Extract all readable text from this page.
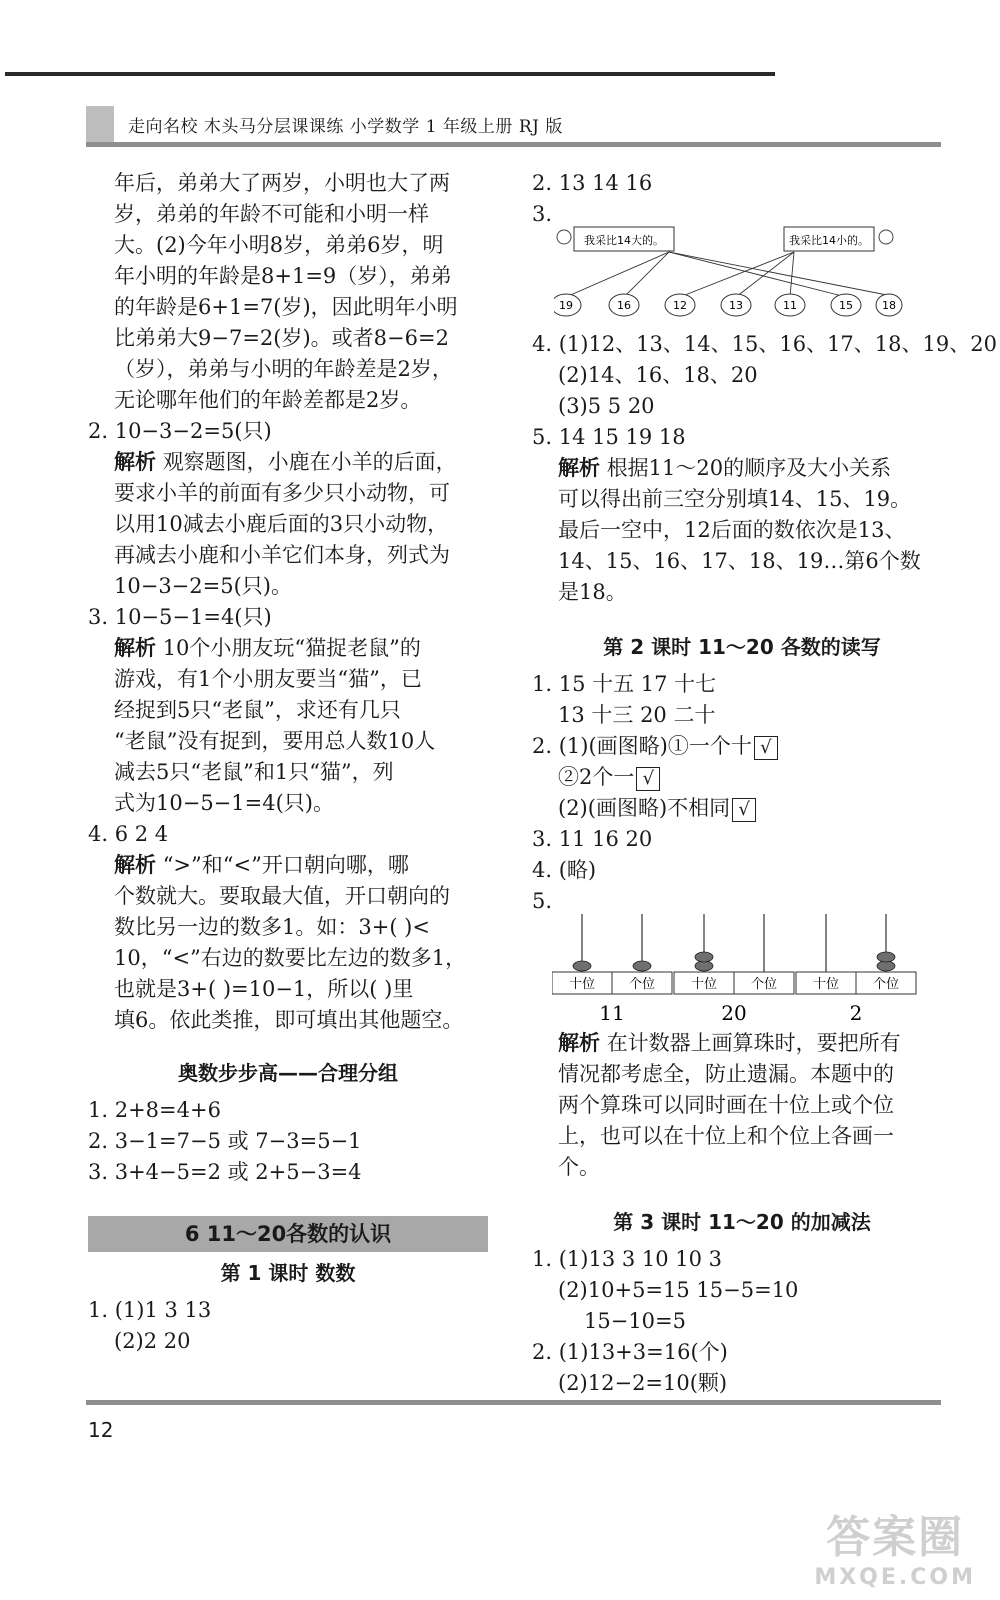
走向名校 木头马分层课课练 小学数学 1 年级上册 RJ 版
年后，弟弟大了两岁，小明也大了两
岁，弟弟的年龄不可能和小明一样
大。(2)今年小明8岁，弟弟6岁，明
年小明的年龄是8+1=9（岁），弟弟
的年龄是6+1=7(岁)，因此明年小明
比弟弟大9−7=2(岁)。或者8−6=2
（岁），弟弟与小明的年龄差是2岁，
无论哪年他们的年龄差都是2岁。
2. 10−3−2=5(只)
解析 观察题图，小鹿在小羊的后面，
要求小羊的前面有多少只小动物，可
以用10减去小鹿后面的3只小动物，
再减去小鹿和小羊它们本身，列式为
10−3−2=5(只)。
3. 10−5−1=4(只)
解析 10个小朋友玩“猫捉老鼠”的
游戏，有1个小朋友要当“猫”，已
经捉到5只“老鼠”，求还有几只
“老鼠”没有捉到，要用总人数10人
减去5只“老鼠”和1只“猫”，列
式为10−5−1=4(只)。
4. 6 2 4
解析 “>”和“<”开口朝向哪，哪
个数就大。要取最大值，开口朝向的
数比另一边的数多1。如：3+( )<
10，“<”右边的数要比左边的数多1，
也就是3+( )=10−1，所以( )里
填6。依此类推，即可填出其他题空。
奥数步步高——合理分组
1. 2+8=4+6
2. 3−1=7−5 或 7−3=5−1
3. 3+4−5=2 或 2+5−3=4
6 11～20各数的认识
第 1 课时 数数
1. (1)1 3 13
(2)2 20
2. 13 14 16
3.
我采比14大的。	我采比14小的。
19	16	12	13	11	15	18
4. (1)12、13、14、15、16、17、18、19、20
(2)14、16、18、20
(3)5 5 20
5. 14 15 19 18
解析 根据11～20的顺序及大小关系
可以得出前三空分别填14、15、19。
最后一空中，12后面的数依次是13、
14、15、16、17、18、19…第6个数
是18。
第 2 课时 11～20 各数的读写
1. 15 十五 17 十七
13 十三 20 二十
2. (1)(画图略)①一个十 √
②2个一 √
(2)(画图略)不相同 √
3. 11 16 20
4. (略)
5.
十位	个位
11
十位	个位
20
十位	个位
2
解析 在计数器上画算珠时，要把所有
情况都考虑全，防止遗漏。本题中的
两个算珠可以同时画在十位上或个位
上，也可以在十位上和个位上各画一
个。
第 3 课时 11～20 的加减法
1. (1)13 3 10 10 3
(2)10+5=15 15−5=10
15−10=5
2. (1)13+3=16(个)
(2)12−2=10(颗)
12
答案圈
MXQE.COM
